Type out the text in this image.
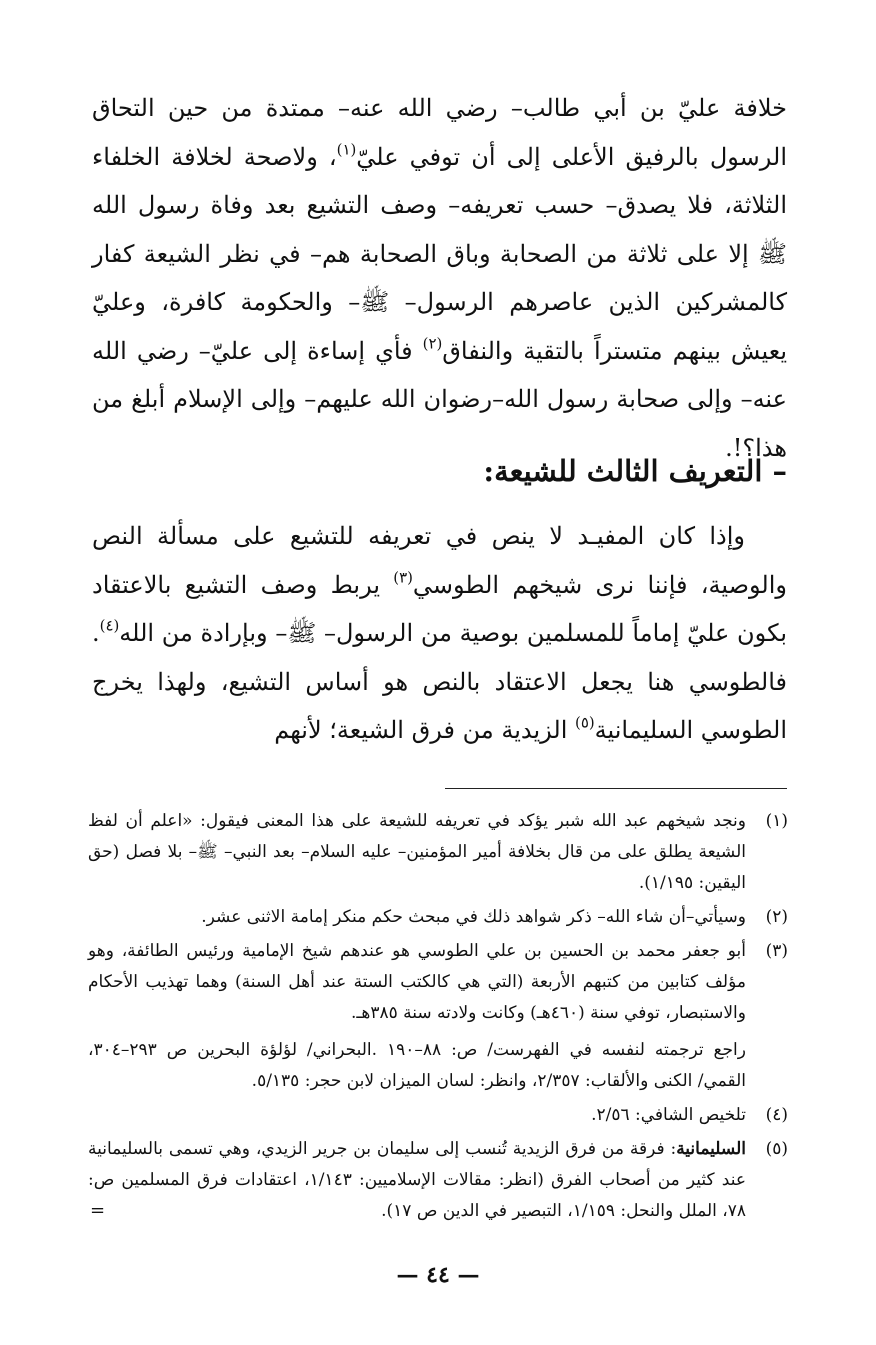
خلافة عليّ بن أبي طالب– رضي الله عنه– ممتدة من حين التحاق الرسول بالرفيق الأعلى إلى أن توفي عليّ$^{(١)}$، ولاصحة لخلافة الخلفاء الثلاثة، فلا يصدق– حسب تعريفه– وصف التشيع بعد وفاة رسول الله ﷺ إلا على ثلاثة من الصحابة وباق الصحابة هم– في نظر الشيعة كفار كالمشركين الذين عاصرهم الرسول– ﷺ– والحكومة كافرة، وعليّ يعيش بينهم متستراً بالتقية والنفاق$^{(٢)}$ فأي إساءة إلى عليّ– رضي الله عنه– وإلى صحابة رسول الله–رضوان الله عليهم– وإلى الإسلام أبلغ من هذا؟!.

– التعريف الثالث للشيعة:

وإذا كان المفيـد لا ينص في تعريفه للتشيع على مسألة النص والوصية، فإننا نرى شيخهم الطوسي$^{(٣)}$ يربط وصف التشيع بالاعتقاد بكون عليّ إماماً للمسلمين بوصية من الرسول– ﷺ– وبإرادة من الله$^{(٤)}$. فالطوسي هنا يجعل الاعتقاد بالنص هو أساس التشيع، ولهذا يخرج الطوسي السليمانية$^{(٥)}$ الزيدية من فرق الشيعة؛ لأنهم

(١)

ونجد شيخهم عبد الله شبر يؤكد في تعريفه للشيعة على هذا المعنى فيقول: «اعلم أن لفظ الشيعة يطلق على من قال بخلافة أمير المؤمنين– عليه السلام– بعد النبي– ﷺ– بلا فصل (حق اليقين: ١/١٩٥).

(٢)

وسيأتي–أن شاء الله– ذكر شواهد ذلك في مبحث حكم منكر إمامة الاثنى عشر.

(٣)

أبو جعفر محمد بن الحسين بن علي الطوسي هو عندهم شيخ الإمامية ورئيس الطائفة، وهو مؤلف كتابين من كتبهم الأربعة (التي هي كالكتب الستة عند أهل السنة) وهما تهذيب الأحكام والاستبصار، توفي سنة (٤٦٠هـ) وكانت ولادته سنة ٣٨٥هـ.

راجع ترجمته لنفسه في الفهرست/ ص: ٨٨–١٩٠ .البحراني/ لؤلؤة البحرين ص ٢٩٣–٣٠٤، القمي/ الكنى والألقاب: ٢/٣٥٧، وانظر: لسان الميزان لابن حجر: ٥/١٣٥.

(٤)

تلخيص الشافي: ٢/٥٦.

(٥)

السليمانية: فرقة من فرق الزيدية تُنسب إلى سليمان بن جرير الزيدي، وهي تسمى بالسليمانية عند كثير من أصحاب الفرق (انظر: مقالات الإسلاميين: ١/١٤٣، اعتقادات فرق المسلمين ص: ٧٨، الملل والنحل: ١/١٥٩، التبصير في الدين ص ١٧).

=
— ٤٤ —
